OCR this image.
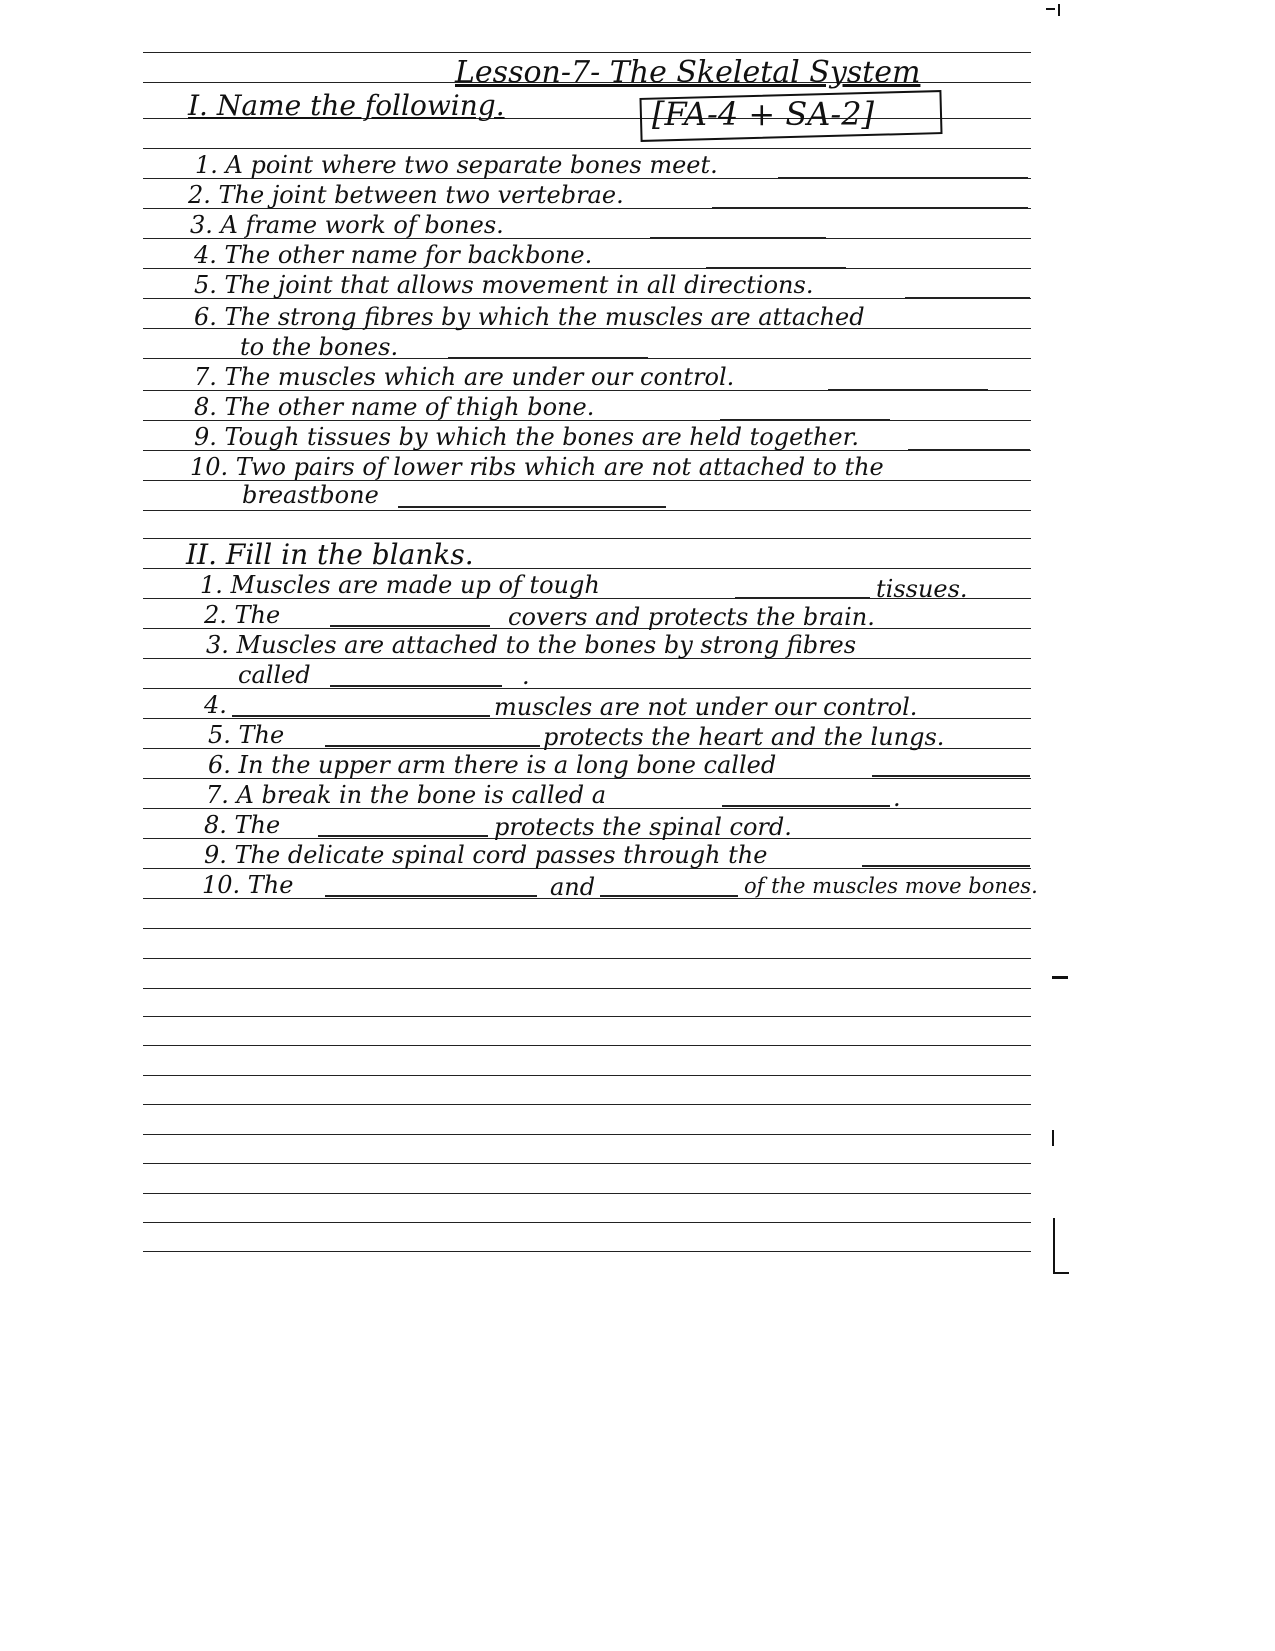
Lesson-7- The Skeletal System
I. Name the following.	[FA-4 + SA-2]
1. A point where two separate bones meet.
2. The joint between two vertebrae.
3. A frame work of bones.
4. The other name for backbone.
5. The joint that allows movement in all directions.
6. The strong fibres by which the muscles are attached
to the bones.
7. The muscles which are under our control.
8. The other name of thigh bone.
9. Tough tissues by which the bones are held together.
10. Two pairs of lower ribs which are not attached to the
breastbone
II. Fill in the blanks.
1. Muscles are made up of tough	tissues.
2. The	covers and protects the brain.
3. Muscles are attached to the bones by strong fibres
called	.
4.	muscles are not under our control.
5. The	protects the heart and the lungs.
6. In the upper arm there is a long bone called
7. A break in the bone is called a	.
8. The	protects the spinal cord.
9. The delicate spinal cord passes through the
10. The	and	of the muscles move bones.
